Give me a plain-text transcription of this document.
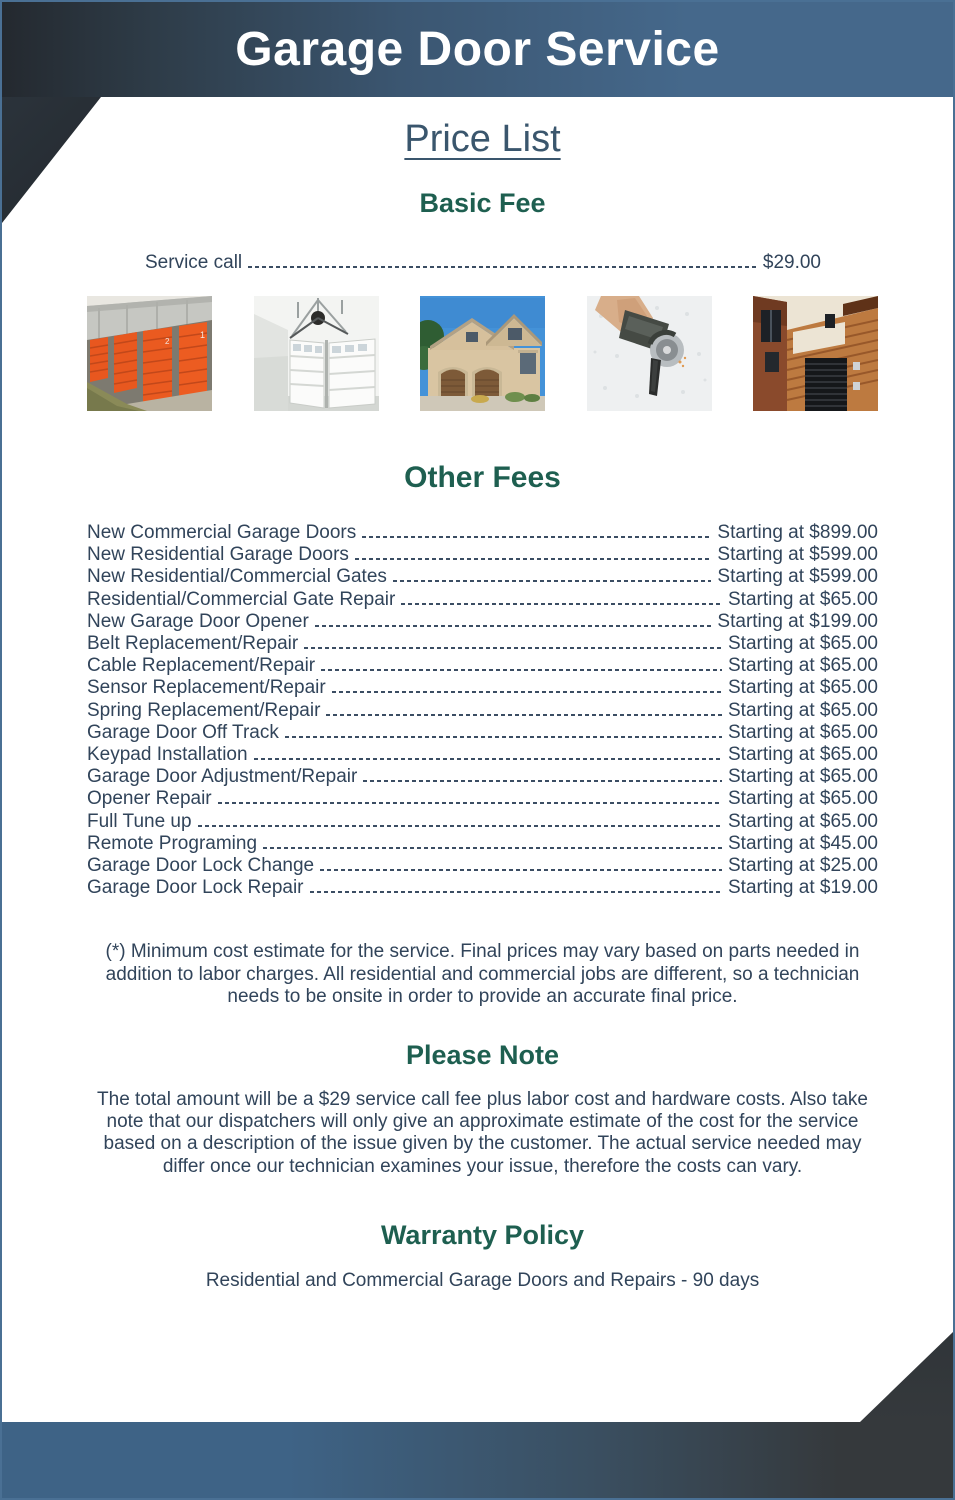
Garage Door Service
Price List
Basic Fee
Service call	$29.00
1
2
Other Fees
New Commercial Garage Doors	Starting at $899.00
New Residential Garage Doors	Starting at $599.00
New Residential/Commercial Gates	Starting at $599.00
Residential/Commercial Gate Repair	Starting at $65.00
New Garage Door Opener	Starting at $199.00
Belt Replacement/Repair	Starting at $65.00
Cable Replacement/Repair	Starting at $65.00
Sensor Replacement/Repair	Starting at $65.00
Spring Replacement/Repair	Starting at $65.00
Garage Door Off Track	Starting at $65.00
Keypad Installation	Starting at $65.00
Garage Door Adjustment/Repair	Starting at $65.00
Opener Repair	Starting at $65.00
Full Tune up	Starting at $65.00
Remote Programing	Starting at $45.00
Garage Door Lock Change	Starting at $25.00
Garage Door Lock Repair	Starting at $19.00

(*) Minimum cost estimate for the service. Final prices may vary based on parts needed in addition to labor charges. All residential and commercial jobs are different, so a technician needs to be onsite in order to provide an accurate final price.

Please Note

The total amount will be a $29 service call fee plus labor cost and hardware costs. Also take note that our dispatchers will only give an approximate estimate of the cost for the service based on a description of the issue given by the customer. The actual service needed may differ once our technician examines your issue, therefore the costs can vary.

Warranty Policy

Residential and Commercial Garage Doors and Repairs - 90 days
